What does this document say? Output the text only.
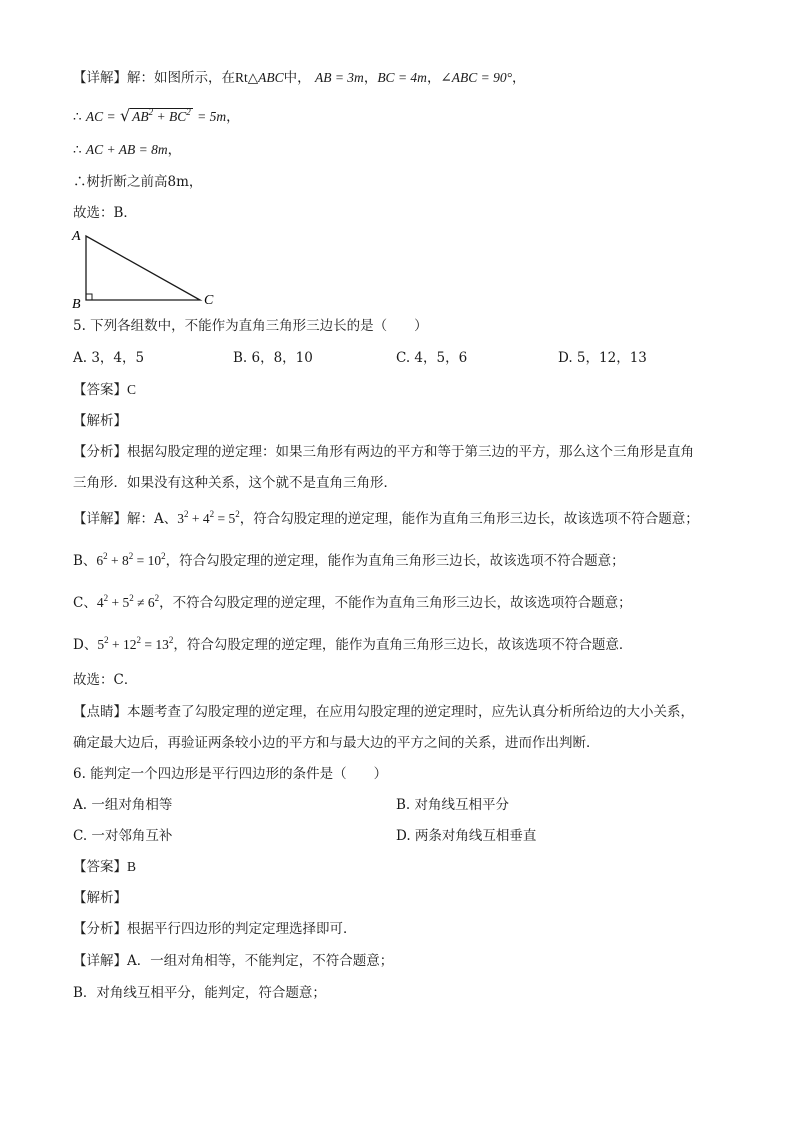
【详解】解：如图所示，在Rt△ABC中， AB = 3m，BC = 4m，∠ABC = 90°，
∴ AC = √ $AB^2 + BC^2 = 5m$，
∴ AC + AB = 8m，
∴树折断之前高8m，
故选：B．
A
B	C
5. 下列各组数中，不能作为直角三角形三边长的是（　　）
A. 3，4，5	B. 6，8，10	C. 4，5，6	D. 5，12，13
【答案】C
【解析】
【分析】根据勾股定理的逆定理：如果三角形有两边的平方和等于第三边的平方，那么这个三角形是直角
三角形．如果没有这种关系，这个就不是直角三角形．
【详解】解：A、$3^2 + 4^2 = 5^2$，符合勾股定理的逆定理，能作为直角三角形三边长，故该选项不符合题意；
B、$6^2 + 8^2 = 10^2$，符合勾股定理的逆定理，能作为直角三角形三边长，故该选项不符合题意；
C、$4^2 + 5^2 \ne 6^2$，不符合勾股定理的逆定理，不能作为直角三角形三边长，故该选项符合题意；
D、$5^2 + 12^2 = 13^2$，符合勾股定理的逆定理，能作为直角三角形三边长，故该选项不符合题意．
故选：C．
【点睛】本题考查了勾股定理的逆定理，在应用勾股定理的逆定理时，应先认真分析所给边的大小关系，
确定最大边后，再验证两条较小边的平方和与最大边的平方之间的关系，进而作出判断．
6. 能判定一个四边形是平行四边形的条件是（　　）
A. 一组对角相等	B. 对角线互相平分
C. 一对邻角互补	D. 两条对角线互相垂直
【答案】B
【解析】
【分析】根据平行四边形的判定定理选择即可．
【详解】A．一组对角相等，不能判定，不符合题意；
B．对角线互相平分，能判定，符合题意；
